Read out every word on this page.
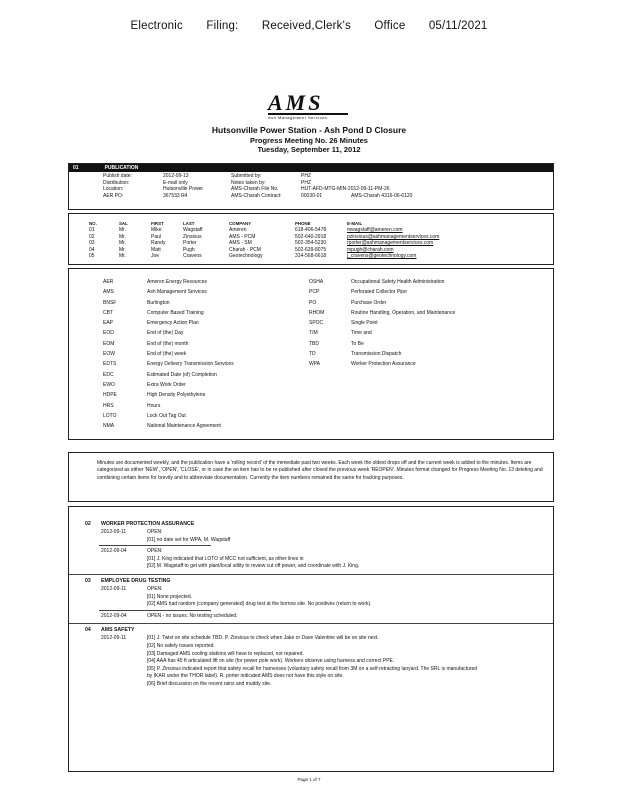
Electronic Filing: Received,Clerk's Office 05/11/2021
AMS
Ash Management Services
Hutsonville Power Station - Ash Pond D Closure
Progress Meeting No. 26 Minutes
Tuesday, September 11, 2012
01	PUBLICATION
Publish date:	2012-09-13	Submitted by:	PHZ
Distribution:	E-mail only	Notes taken by:	PHZ
Location:	Hutsonville Power	AMS-Charah File No.	HUT-AFD-MTG-MIN-2012-09-11-PM-26
AER PO:	367533 R4	AMS-Charah Contract:	00030-01	AMS-Charah 4316-06-6120
NO.	SAL	FIRST	LAST	COMPANY	PHONE	E-MAIL
01	Mr.	Mike	Wagstaff	Ameren	618-406-5478	mwagstaff@ameren.com
02	Mr.	Paul	Zinsious	AMS - PCM	502-640-2918	pzinsious@ashmanagementservices.com
03	Mr.	Randy	Porter	AMS - SM	502-354-5230	rporter@ashmanagementservices.com
04	Mr.	Matt	Pugh	Charah - PCM	502-639-8075	mpugh@charah.com
05	Mr.	Joe	Cravens	Geotechnology	314-568-6618	j_cravens@geotechnology.com
AER	Ameren Energy Resources	OSHA	Occupational Safety Health Administration
AMS	Ash Management Services	PCP	Perforated Collector Pipe
BNSF	Burlington	PO	Purchase Order
CBT	Computer Based Training	RHOM	Routine Handling, Operation, and Maintenance
EAP	Emergency Action Plan	SPOC	Single Point
EOD	End of (the) Day	T/M	Time and
EOM	End of (the) month	TBD	To Be
EOW	End of (the) week	TD	Transmission Dispatch
EDTS	Energy Delivery Transmission Services	WPA	Worker Protection Assurance
EDC	Estimated Date (of) Completion
EWO	Extra Work Order
HDPE	High Density Polyethylene
HRS	Hours
LOTO	Lock Out Tag Out
NMA	National Maintenance Agreement
Minutes are documented weekly, and the publication have a 'rolling record' of the immediate past two weeks. Each week the oldest drops off and the current week is added to the minutes. Items are categorized as either 'NEW', 'OPEN', 'CLOSE', or in case the an item has to be re-published after closed the previous week 'REOPEN'. Minutes format changed for Progress Meeting No. 13 deleting and combining certain items for brevity and to abbreviate documentation. Currently the item numbers remained the same for tracking purposes.
02 WORKER PROTECTION ASSURANCE
2012-09-11	OPEN:
[01] no date set for WPA, M. Wagstaff
2012-09-04	OPEN:
[01] J. King indicated that LOTO of MCC not sufficient, as other lines in
[02] M. Wagstaff to get with plant/local utility to review cut off power, and coordinate with J. King.
03 EMPLOYEE DRUG TESTING
2012-09-11	OPEN:
[01] None projected.
[02] AMS had random (company generated) drug test at the borrow site. No positives (return to work).
2012-09-04	OPEN - no issues. No testing scheduled.
04 AMS SAFETY
2012-09-11	[01] J. Twist on site schedule TBD. P. Zinsious to check when Jake or Dave Valentine will be on site next.
[02] No safety issues reported.
[03] Damaged AMS cooling stations will have to replaced, not repaired.
[04] AAA has 45 ft articulated lift on site (for power pole work). Workers observe using harness and correct PPE.
[05] P. Zinsious indicated report that safety recall for harnesses (voluntary safety recall from 3M on a self-retracting lanyard. The SRL is manufactured
by IKAR under the THOR label). R. porter indicated AMS does not have this style on site.
[06] Brief discussion on the recent rains and muddy site.
Page 1 of 7
